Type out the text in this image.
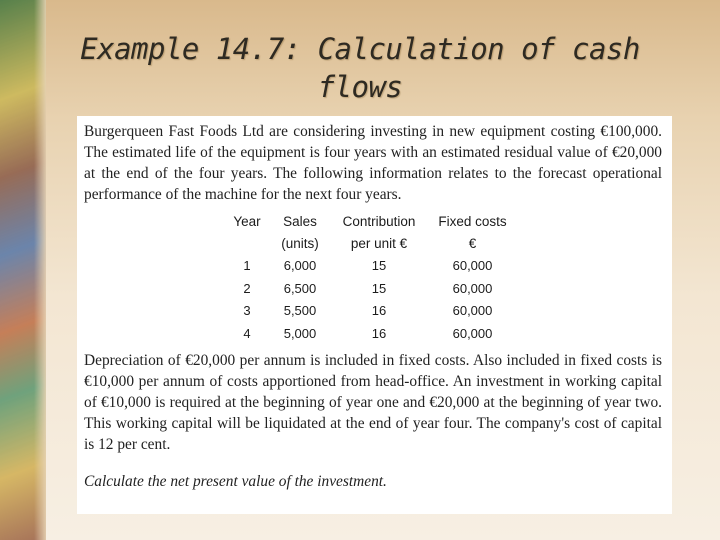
Example 14.7: Calculation of cash flows

Burgerqueen Fast Foods Ltd are considering investing in new equipment costing €100,000. The estimated life of the equipment is four years with an estimated residual value of €20,000 at the end of the four years. The following information relates to the forecast operational performance of the machine for the next four years.

Year	Sales	Contribution	Fixed costs
	(units)	per unit €	€
1	6,000	15	60,000
2	6,500	15	60,000
3	5,500	16	60,000
4	5,000	16	60,000

Depreciation of €20,000 per annum is included in fixed costs. Also included in fixed costs is €10,000 per annum of costs apportioned from head-office. An investment in working capital of €10,000 is required at the beginning of year one and €20,000 at the beginning of year two. This working capital will be liquidated at the end of year four. The company's cost of capital is 12 per cent.

Calculate the net present value of the investment.
